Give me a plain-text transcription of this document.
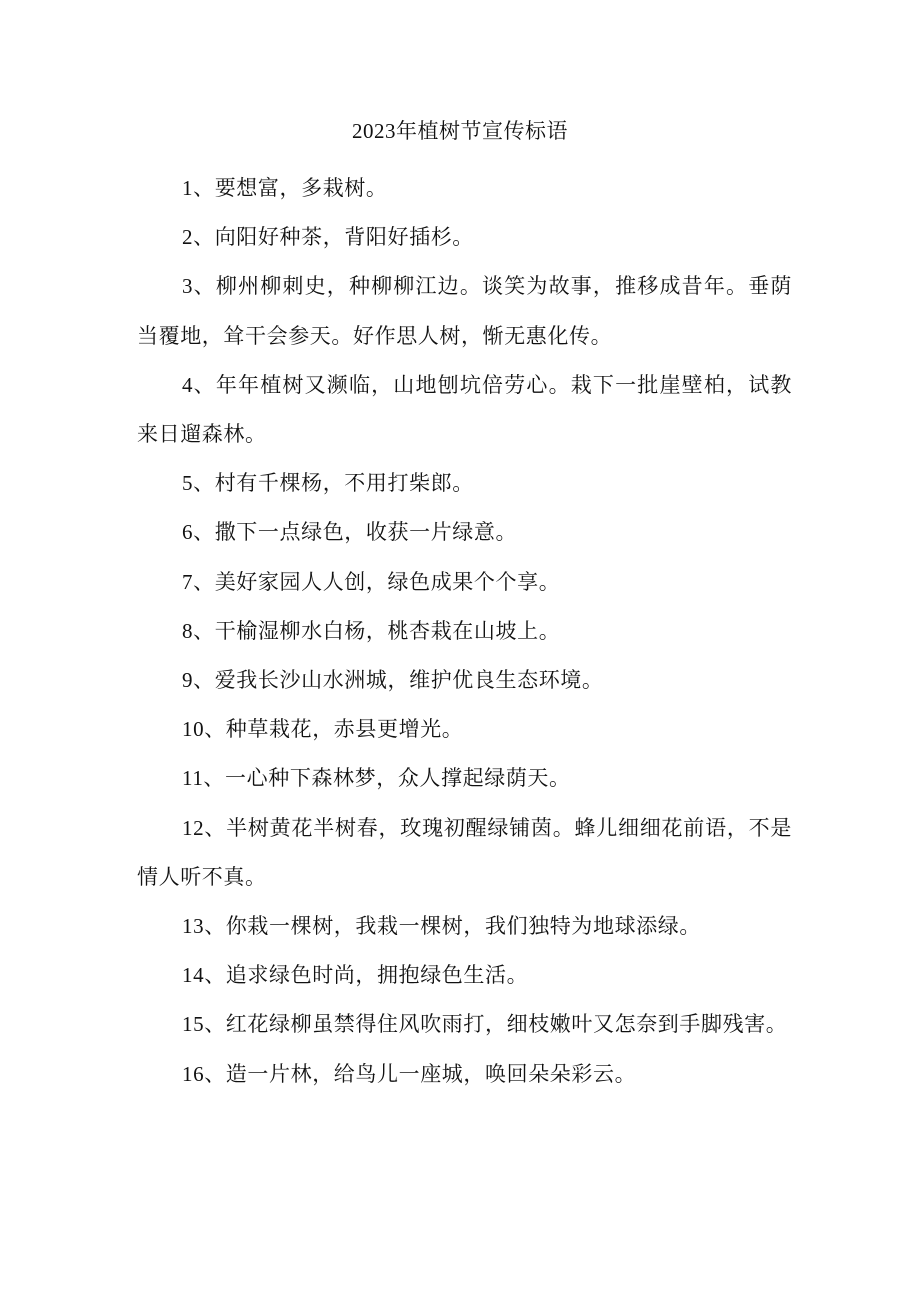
2023年植树节宣传标语

1、要想富，多栽树。

2、向阳好种茶，背阳好插杉。

3、柳州柳刺史，种柳柳江边。谈笑为故事，推移成昔年。垂荫当覆地，耸干会参天。好作思人树，惭无惠化传。

4、年年植树又濒临，山地刨坑倍劳心。栽下一批崖壁柏，试教来日遛森林。

5、村有千棵杨，不用打柴郎。

6、撒下一点绿色，收获一片绿意。

7、美好家园人人创，绿色成果个个享。

8、干榆湿柳水白杨，桃杏栽在山坡上。

9、爱我长沙山水洲城，维护优良生态环境。

10、种草栽花，赤县更增光。

11、一心种下森林梦，众人撑起绿荫天。

12、半树黄花半树春，玫瑰初醒绿铺茵。蜂儿细细花前语，不是情人听不真。

13、你栽一棵树，我栽一棵树，我们独特为地球添绿。

14、追求绿色时尚，拥抱绿色生活。

15、红花绿柳虽禁得住风吹雨打，细枝嫩叶又怎奈到手脚残害。

16、造一片林，给鸟儿一座城，唤回朵朵彩云。
